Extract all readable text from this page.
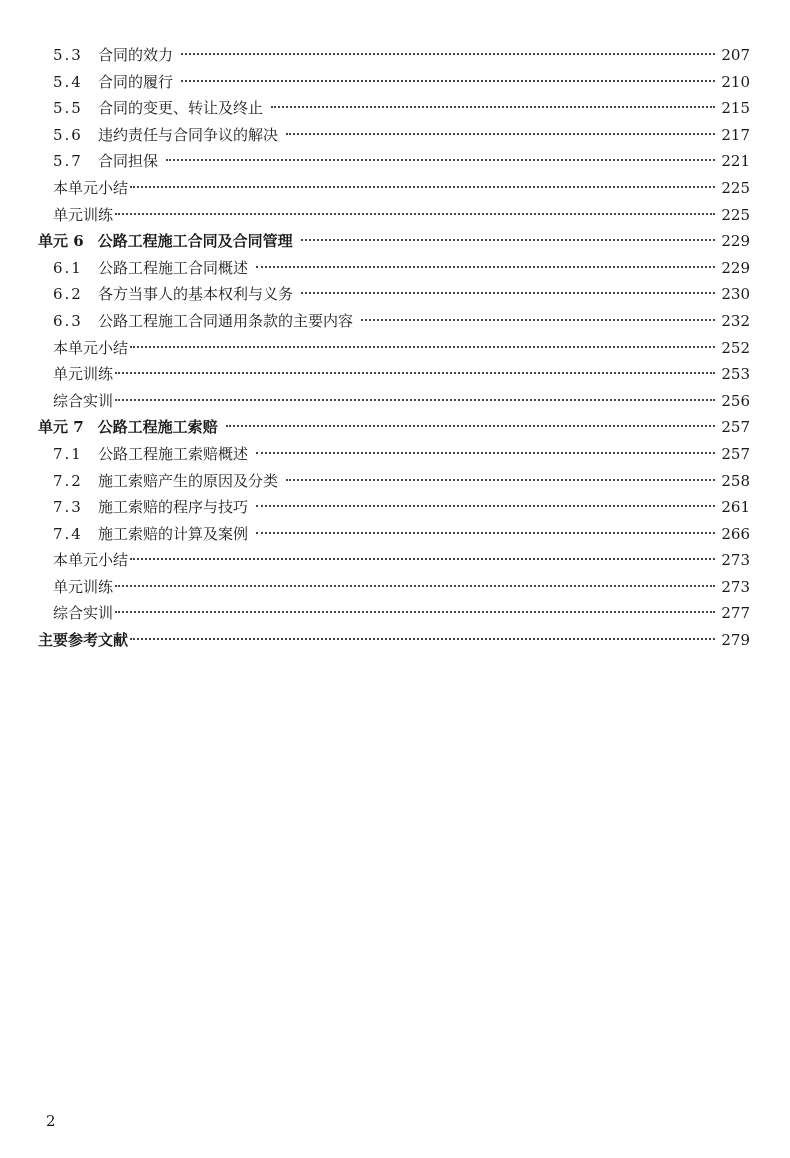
5.3	合同的效力	207
5.4	合同的履行	210
5.5	合同的变更、转让及终止	215
5.6	违约责任与合同争议的解决	217
5.7	合同担保	221
本单元小结	225
单元训练	225
单元 6 公路工程施工合同及合同管理	229
6.1	公路工程施工合同概述	229
6.2	各方当事人的基本权利与义务	230
6.3	公路工程施工合同通用条款的主要内容	232
本单元小结	252
单元训练	253
综合实训	256
单元 7 公路工程施工索赔	257
7.1	公路工程施工索赔概述	257
7.2	施工索赔产生的原因及分类	258
7.3	施工索赔的程序与技巧	261
7.4	施工索赔的计算及案例	266
本单元小结	273
单元训练	273
综合实训	277
主要参考文献	279
2
